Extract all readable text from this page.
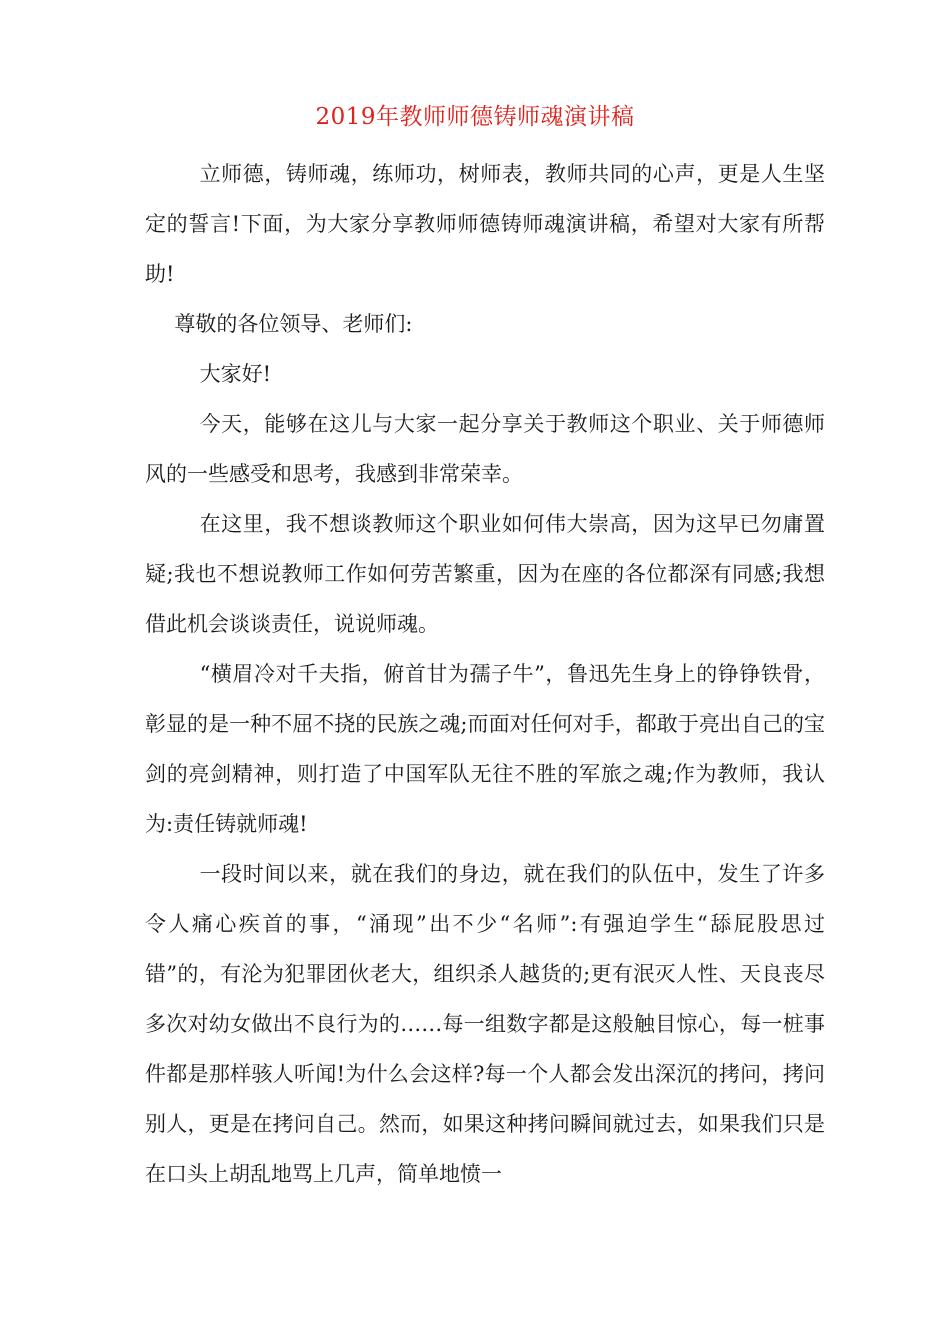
2019年教师师德铸师魂演讲稿

立师德，铸师魂，练师功，树师表，教师共同的心声，更是人生坚定的誓言!下面，为大家分享教师师德铸师魂演讲稿，希望对大家有所帮助!

尊敬的各位领导、老师们:

大家好!

今天，能够在这儿与大家一起分享关于教师这个职业、关于师德师风的一些感受和思考，我感到非常荣幸。

在这里，我不想谈教师这个职业如何伟大崇高，因为这早已勿庸置疑;我也不想说教师工作如何劳苦繁重，因为在座的各位都深有同感;我想借此机会谈谈责任，说说师魂。

“横眉冷对千夫指，俯首甘为孺子牛”，鲁迅先生身上的铮铮铁骨，彰显的是一种不屈不挠的民族之魂;而面对任何对手，都敢于亮出自己的宝剑的亮剑精神，则打造了中国军队无往不胜的军旅之魂;作为教师，我认为:责任铸就师魂!

一段时间以来，就在我们的身边，就在我们的队伍中，发生了许多令人痛心疾首的事，“涌现”出不少“名师”:有强迫学生“舔屁股思过错”的，有沦为犯罪团伙老大，组织杀人越货的;更有泯灭人性、天良丧尽多次对幼女做出不良行为的……每一组数字都是这般触目惊心，每一桩事件都是那样骇人听闻!为什么会这样?每一个人都会发出深沉的拷问，拷问别人，更是在拷问自己。然而，如果这种拷问瞬间就过去，如果我们只是在口头上胡乱地骂上几声，简单地愤一
